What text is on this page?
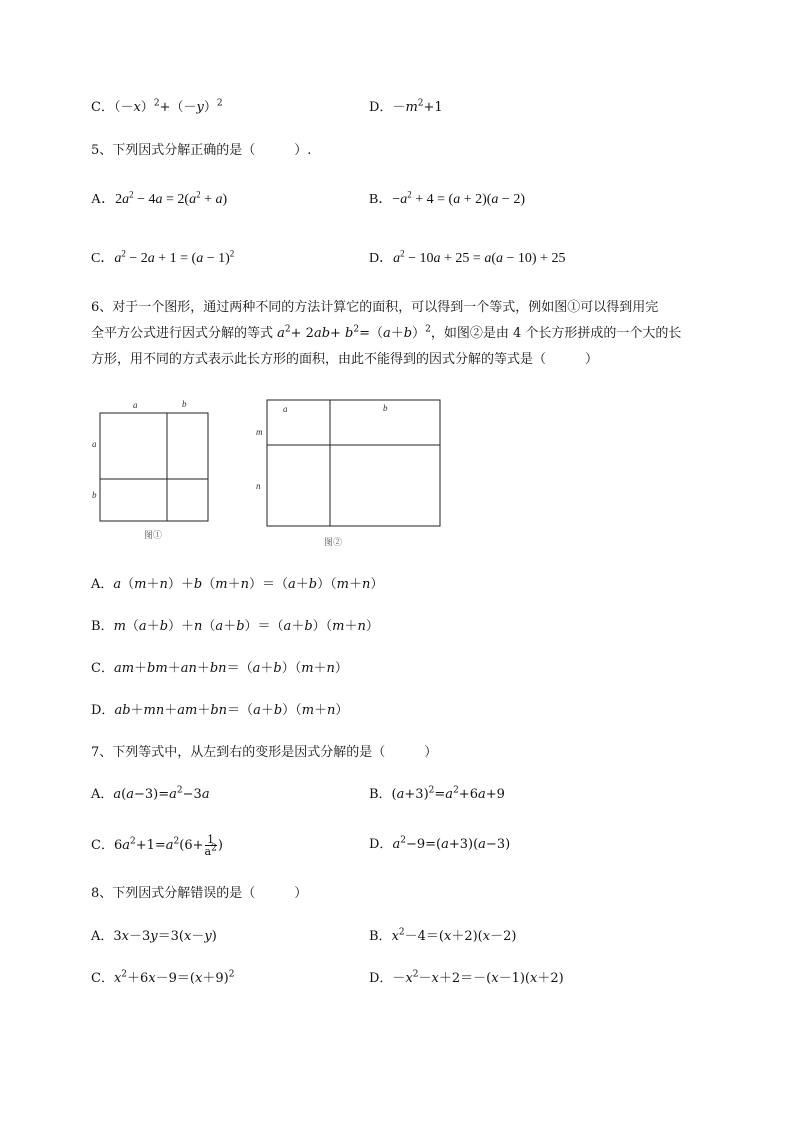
C．$(-x)^2+(-y)^2$	D．$-m^2+1$
5、下列因式分解正确的是（　　　）.
A．$2a^2 - 4a = 2(a^2 + a)$	B．$-a^2 + 4 = (a + 2)(a - 2)$
C．$a^2 - 2a + 1 = (a - 1)^2$	D．$a^2 - 10a + 25 = a(a - 10) + 25$
6、对于一个图形，通过两种不同的方法计算它的面积，可以得到一个等式，例如图①可以得到用完
全平方公式进行因式分解的等式 $a^2+ 2ab+ b^2=(a+b)^2$，如图②是由 4 个长方形拼成的一个大的长
方形，用不同的方式表示此长方形的面积，由此不能得到的因式分解的等式是（　　　）
a	b
a
b
图①
a	b
m
n
图②
A．a（m＋n）＋b（m＋n）＝（a＋b）（m＋n）
B．m（a＋b）＋n（a＋b）＝（a＋b）（m＋n）
C．am＋bm＋an＋bn＝（a＋b）（m＋n）
D．ab＋mn＋am＋bn＝（a＋b）（m＋n）
7、下列等式中，从左到右的变形是因式分解的是（　　　）
A．$a(a-3)=a^2-3a$	B．$(a+3)^2=a^2+6a+9$
C．$6a^2+1=a^2(6+ \frac{1}{a^2}$ )	D．$a^2-9=(a+3)(a-3)$
8、下列因式分解错误的是（　　　）
A．3x－3y＝3(x－y)	B．$x^2-4=(x+2)(x-2)$
C．$x^2+6x-9=(x+9)^2$	D．$-x^2-x+2=-(x-1)(x+2)$
